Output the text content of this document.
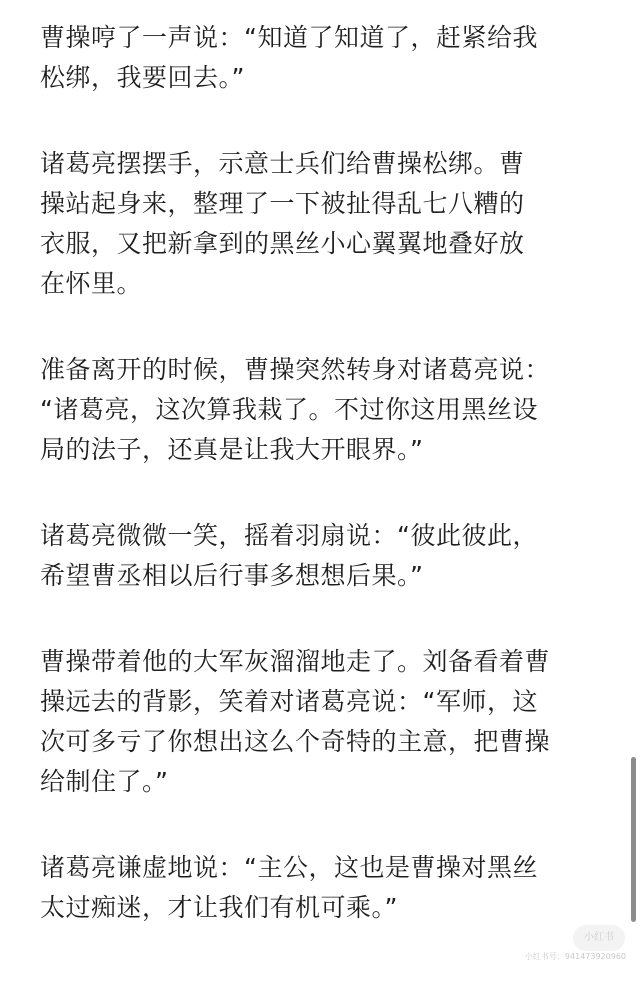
曹操哼了一声说：“知道了知道了，赶紧给我
松绑，我要回去。”

诸葛亮摆摆手，示意士兵们给曹操松绑。曹
操站起身来，整理了一下被扯得乱七八糟的
衣服，又把新拿到的黑丝小心翼翼地叠好放
在怀里。

准备离开的时候，曹操突然转身对诸葛亮说：
“诸葛亮，这次算我栽了。不过你这用黑丝设
局的法子，还真是让我大开眼界。”

诸葛亮微微一笑，摇着羽扇说：“彼此彼此，
希望曹丞相以后行事多想想后果。”

曹操带着他的大军灰溜溜地走了。刘备看着曹
操远去的背影，笑着对诸葛亮说：“军师，这
次可多亏了你想出这么个奇特的主意，把曹操
给制住了。”

诸葛亮谦虚地说：“主公，这也是曹操对黑丝
太过痴迷，才让我们有机可乘。”

小红书
小红书号：941473920960
